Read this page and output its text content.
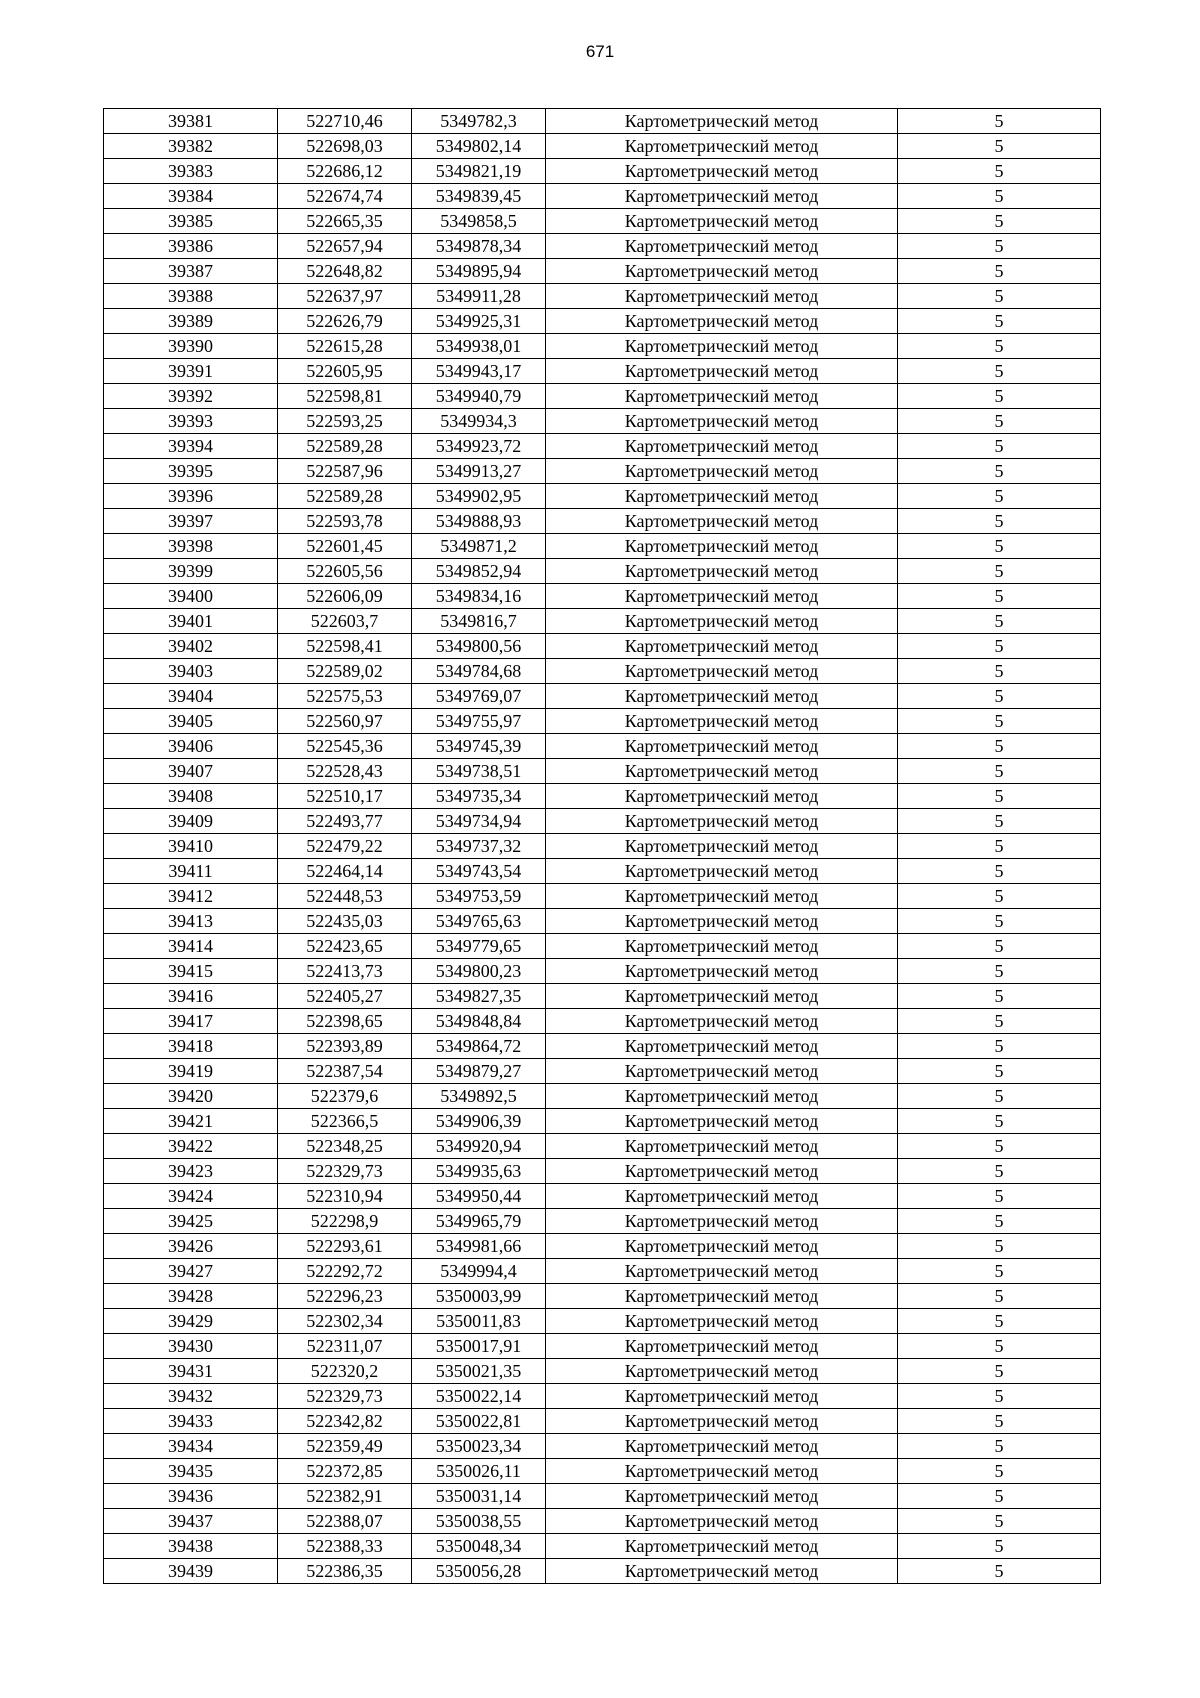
671
39381	522710,46	5349782,3	Картометрический метод	5
39382	522698,03	5349802,14	Картометрический метод	5
39383	522686,12	5349821,19	Картометрический метод	5
39384	522674,74	5349839,45	Картометрический метод	5
39385	522665,35	5349858,5	Картометрический метод	5
39386	522657,94	5349878,34	Картометрический метод	5
39387	522648,82	5349895,94	Картометрический метод	5
39388	522637,97	5349911,28	Картометрический метод	5
39389	522626,79	5349925,31	Картометрический метод	5
39390	522615,28	5349938,01	Картометрический метод	5
39391	522605,95	5349943,17	Картометрический метод	5
39392	522598,81	5349940,79	Картометрический метод	5
39393	522593,25	5349934,3	Картометрический метод	5
39394	522589,28	5349923,72	Картометрический метод	5
39395	522587,96	5349913,27	Картометрический метод	5
39396	522589,28	5349902,95	Картометрический метод	5
39397	522593,78	5349888,93	Картометрический метод	5
39398	522601,45	5349871,2	Картометрический метод	5
39399	522605,56	5349852,94	Картометрический метод	5
39400	522606,09	5349834,16	Картометрический метод	5
39401	522603,7	5349816,7	Картометрический метод	5
39402	522598,41	5349800,56	Картометрический метод	5
39403	522589,02	5349784,68	Картометрический метод	5
39404	522575,53	5349769,07	Картометрический метод	5
39405	522560,97	5349755,97	Картометрический метод	5
39406	522545,36	5349745,39	Картометрический метод	5
39407	522528,43	5349738,51	Картометрический метод	5
39408	522510,17	5349735,34	Картометрический метод	5
39409	522493,77	5349734,94	Картометрический метод	5
39410	522479,22	5349737,32	Картометрический метод	5
39411	522464,14	5349743,54	Картометрический метод	5
39412	522448,53	5349753,59	Картометрический метод	5
39413	522435,03	5349765,63	Картометрический метод	5
39414	522423,65	5349779,65	Картометрический метод	5
39415	522413,73	5349800,23	Картометрический метод	5
39416	522405,27	5349827,35	Картометрический метод	5
39417	522398,65	5349848,84	Картометрический метод	5
39418	522393,89	5349864,72	Картометрический метод	5
39419	522387,54	5349879,27	Картометрический метод	5
39420	522379,6	5349892,5	Картометрический метод	5
39421	522366,5	5349906,39	Картометрический метод	5
39422	522348,25	5349920,94	Картометрический метод	5
39423	522329,73	5349935,63	Картометрический метод	5
39424	522310,94	5349950,44	Картометрический метод	5
39425	522298,9	5349965,79	Картометрический метод	5
39426	522293,61	5349981,66	Картометрический метод	5
39427	522292,72	5349994,4	Картометрический метод	5
39428	522296,23	5350003,99	Картометрический метод	5
39429	522302,34	5350011,83	Картометрический метод	5
39430	522311,07	5350017,91	Картометрический метод	5
39431	522320,2	5350021,35	Картометрический метод	5
39432	522329,73	5350022,14	Картометрический метод	5
39433	522342,82	5350022,81	Картометрический метод	5
39434	522359,49	5350023,34	Картометрический метод	5
39435	522372,85	5350026,11	Картометрический метод	5
39436	522382,91	5350031,14	Картометрический метод	5
39437	522388,07	5350038,55	Картометрический метод	5
39438	522388,33	5350048,34	Картометрический метод	5
39439	522386,35	5350056,28	Картометрический метод	5
